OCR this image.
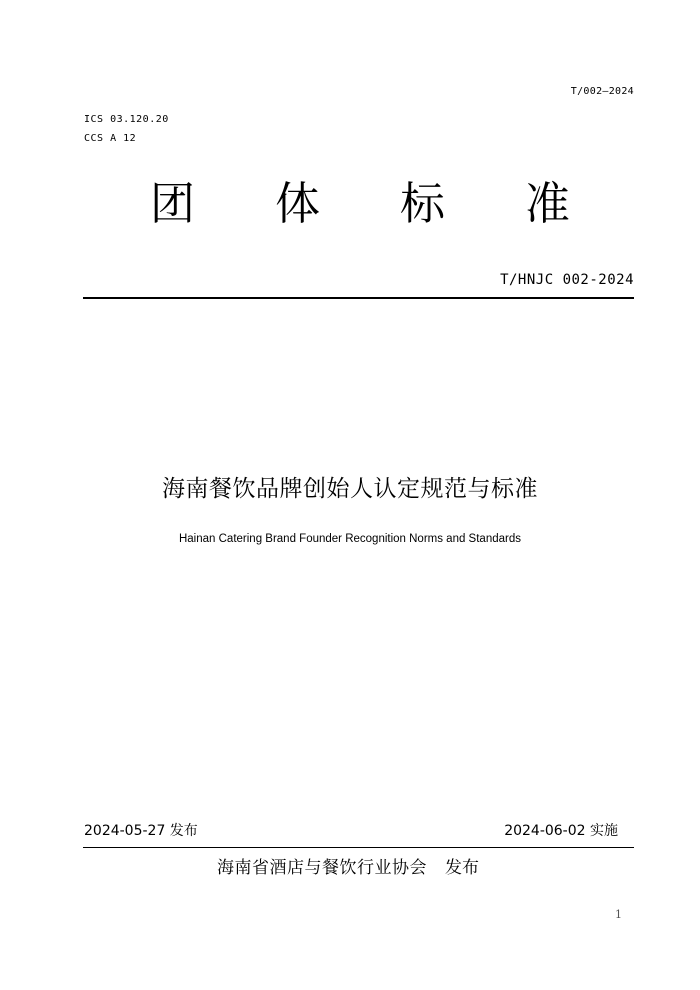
T/002—2024
ICS 03.120.20
CCS A 12
团 体 标 准
T/HNJC 002-2024
海南餐饮品牌创始人认定规范与标准
Hainan Catering Brand Founder Recognition Norms and Standards
2024-05-27 发布	2024-06-02 实施
海南省酒店与餐饮行业协会 发布
1
